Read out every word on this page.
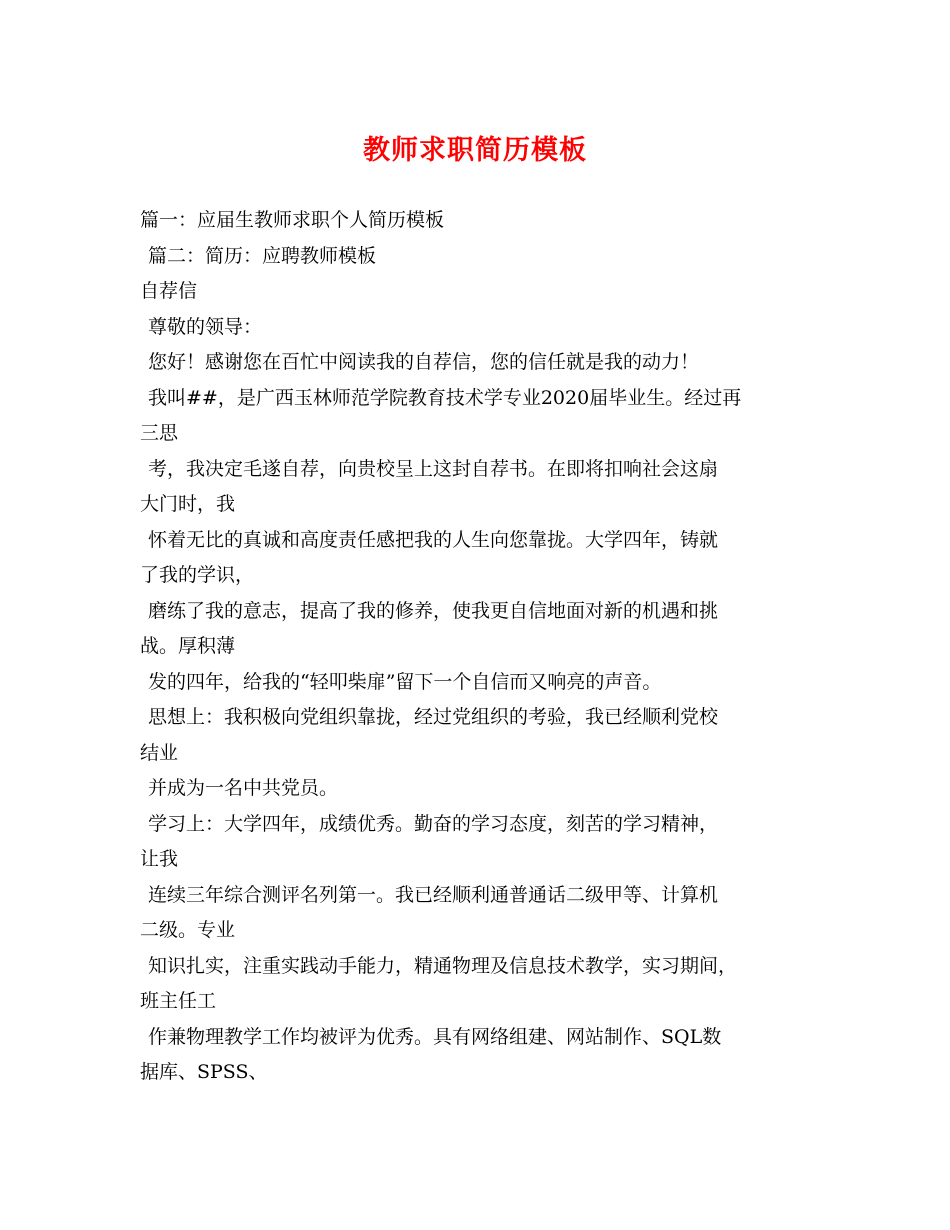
教师求职简历模板
篇一：应届生教师求职个人简历模板
篇二：简历：应聘教师模板
自荐信
尊敬的领导：
您好！感谢您在百忙中阅读我的自荐信，您的信任就是我的动力！
我叫##，是广西玉林师范学院教育技术学专业2020届毕业生。经过再
三思
考，我决定毛遂自荐，向贵校呈上这封自荐书。在即将扣响社会这扇
大门时，我
怀着无比的真诚和高度责任感把我的人生向您靠拢。大学四年，铸就
了我的学识，
磨练了我的意志，提高了我的修养，使我更自信地面对新的机遇和挑
战。厚积薄
发的四年，给我的“轻叩柴扉”留下一个自信而又响亮的声音。
思想上：我积极向党组织靠拢，经过党组织的考验，我已经顺利党校
结业
并成为一名中共党员。
学习上：大学四年，成绩优秀。勤奋的学习态度，刻苦的学习精神，
让我
连续三年综合测评名列第一。我已经顺利通普通话二级甲等、计算机
二级。专业
知识扎实，注重实践动手能力，精通物理及信息技术教学，实习期间，
班主任工
作兼物理教学工作均被评为优秀。具有网络组建、网站制作、SQL数
据库、SPSS、
